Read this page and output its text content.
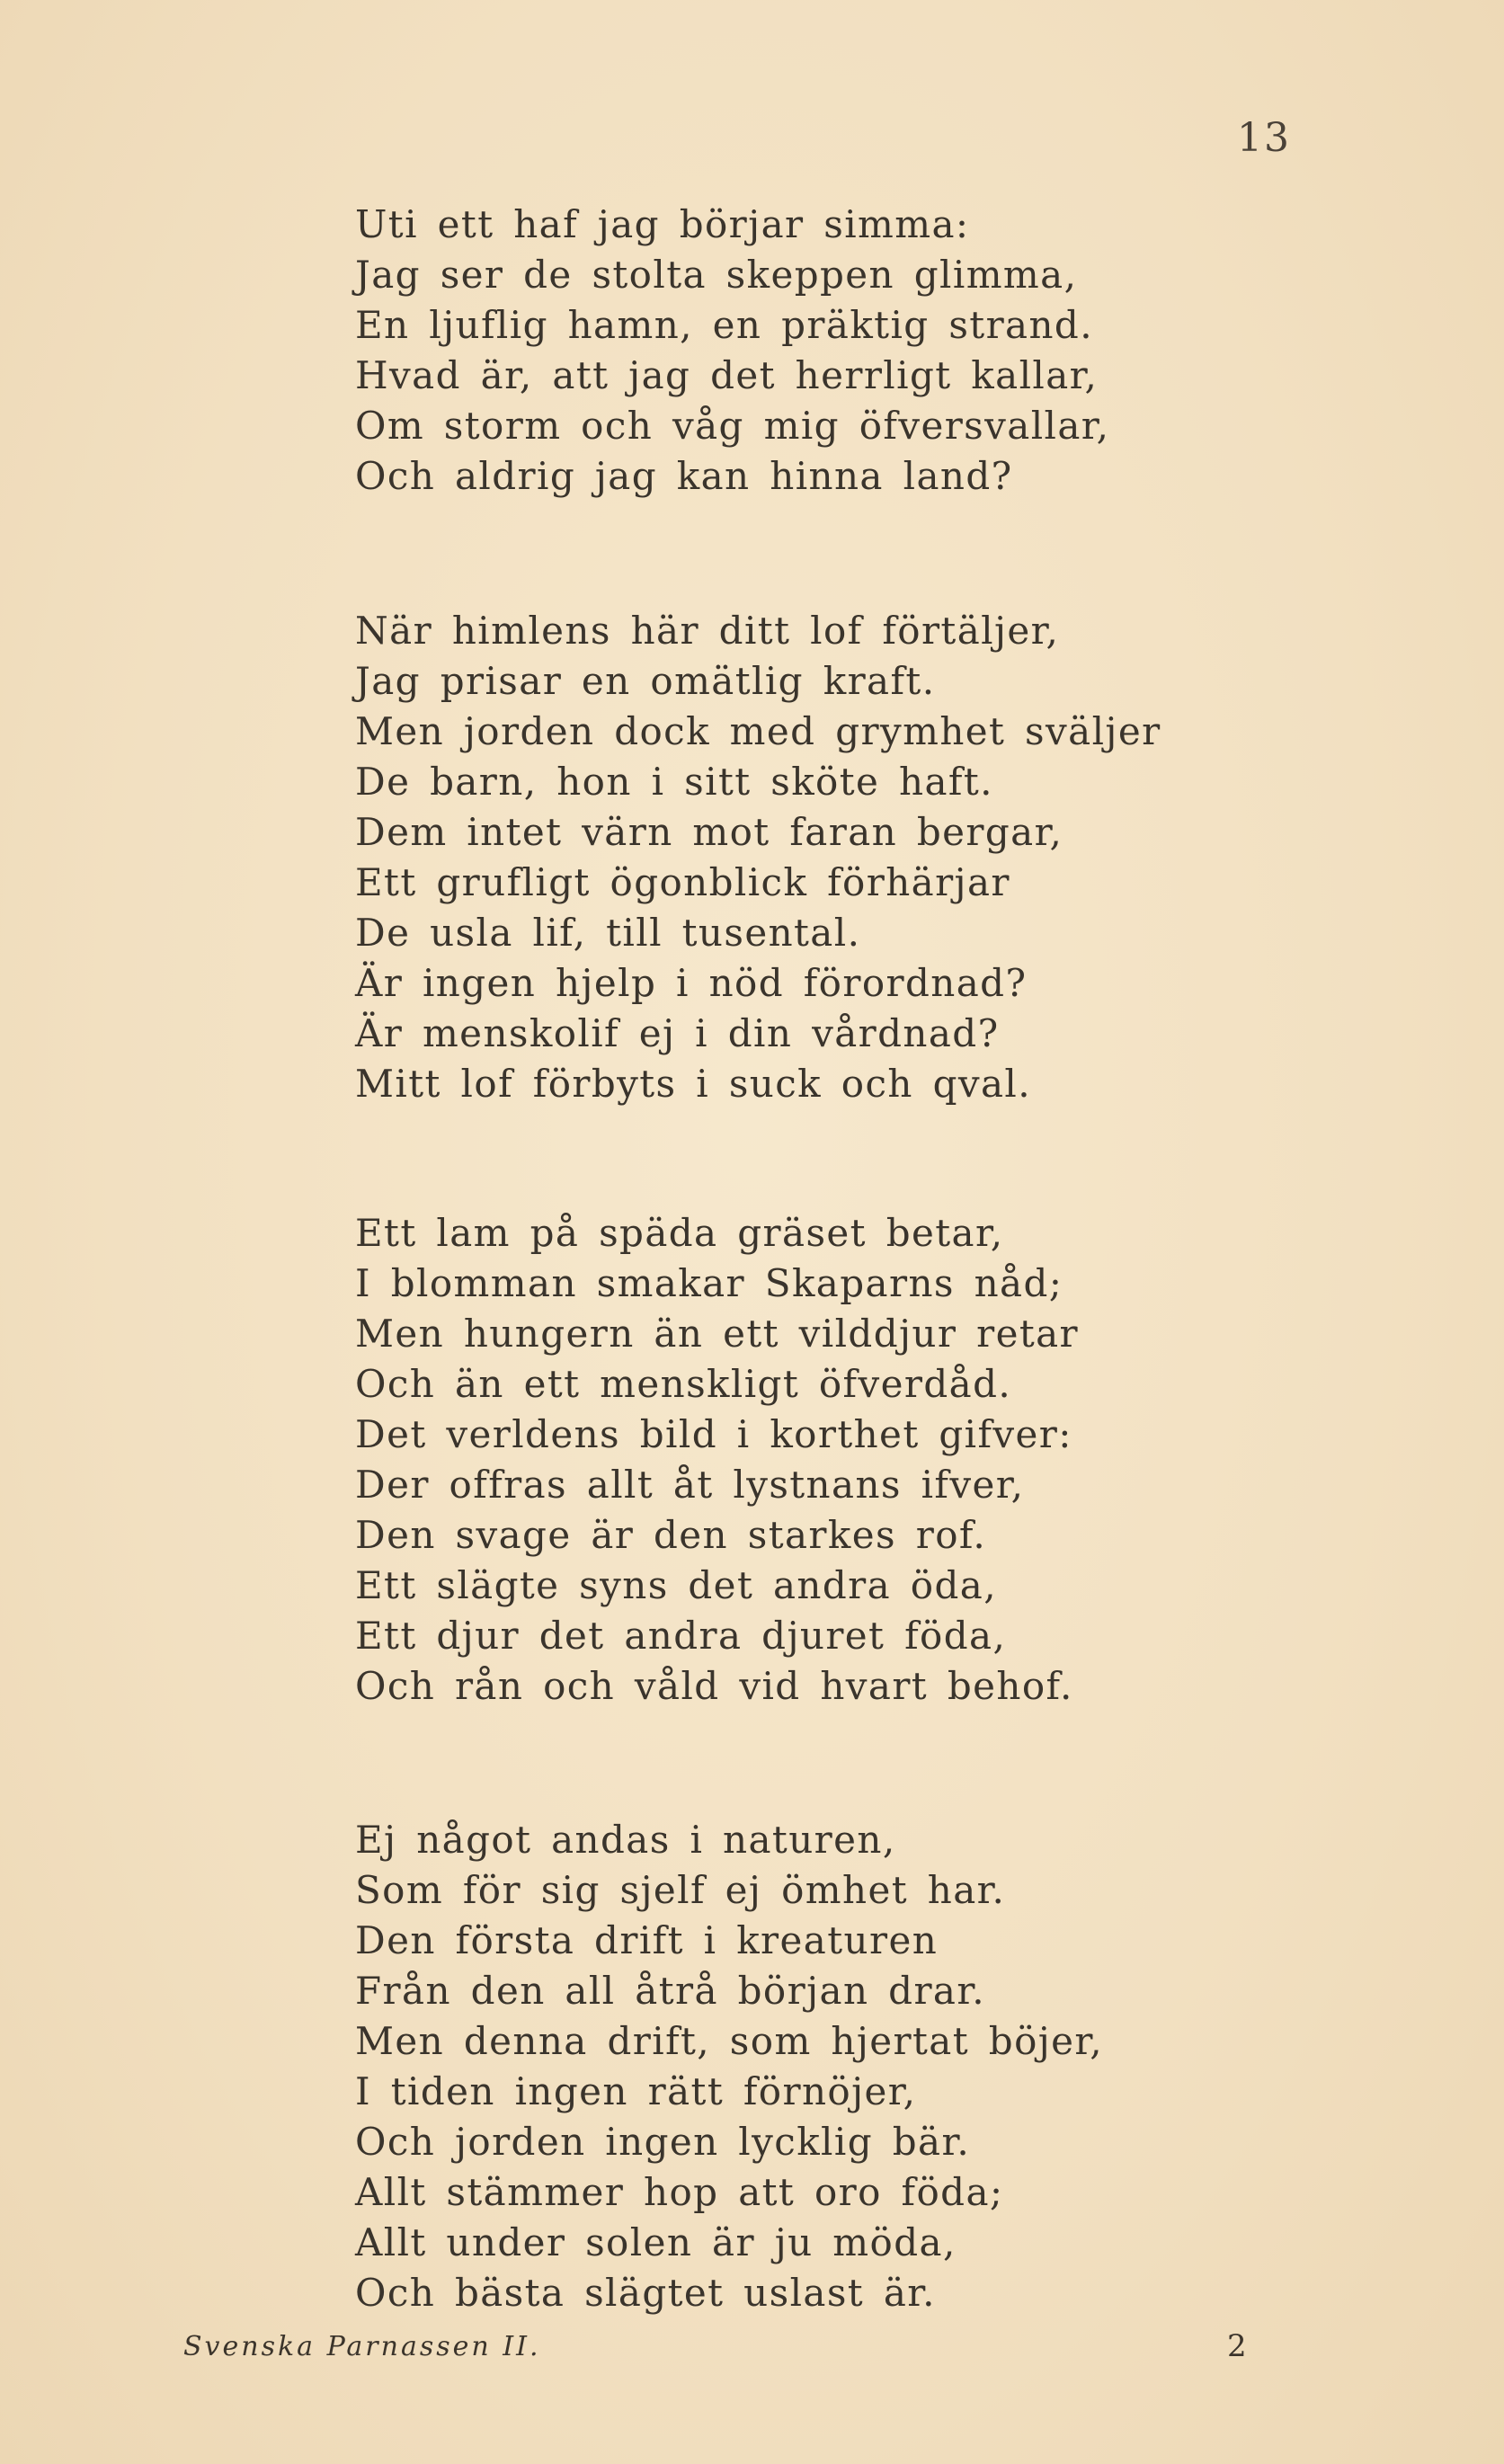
13
Uti ett haf jag börjar simma:
Jag ser de stolta skeppen glimma,
En ljuflig hamn, en präktig strand.
Hvad är, att jag det herrligt kallar,
Om storm och våg mig öfversvallar,
Och aldrig jag kan hinna land?
När himlens här ditt lof förtäljer,
Jag prisar en omätlig kraft.
Men jorden dock med grymhet sväljer
De barn, hon i sitt sköte haft.
Dem intet värn mot faran bergar,
Ett grufligt ögonblick förhärjar
De usla lif, till tusental.
Är ingen hjelp i nöd förordnad?
Är menskolif ej i din vårdnad?
Mitt lof förbyts i suck och qval.
Ett lam på späda gräset betar,
I blomman smakar Skaparns nåd;
Men hungern än ett vilddjur retar
Och än ett menskligt öfverdåd.
Det verldens bild i korthet gifver:
Der offras allt åt lystnans ifver,
Den svage är den starkes rof.
Ett slägte syns det andra öda,
Ett djur det andra djuret föda,
Och rån och våld vid hvart behof.
Ej något andas i naturen,
Som för sig sjelf ej ömhet har.
Den första drift i kreaturen
Från den all åtrå början drar.
Men denna drift, som hjertat böjer,
I tiden ingen rätt förnöjer,
Och jorden ingen lycklig bär.
Allt stämmer hop att oro föda;
Allt under solen är ju möda,
Och bästa slägtet uslast är.
Svenska Parnassen II.	2
